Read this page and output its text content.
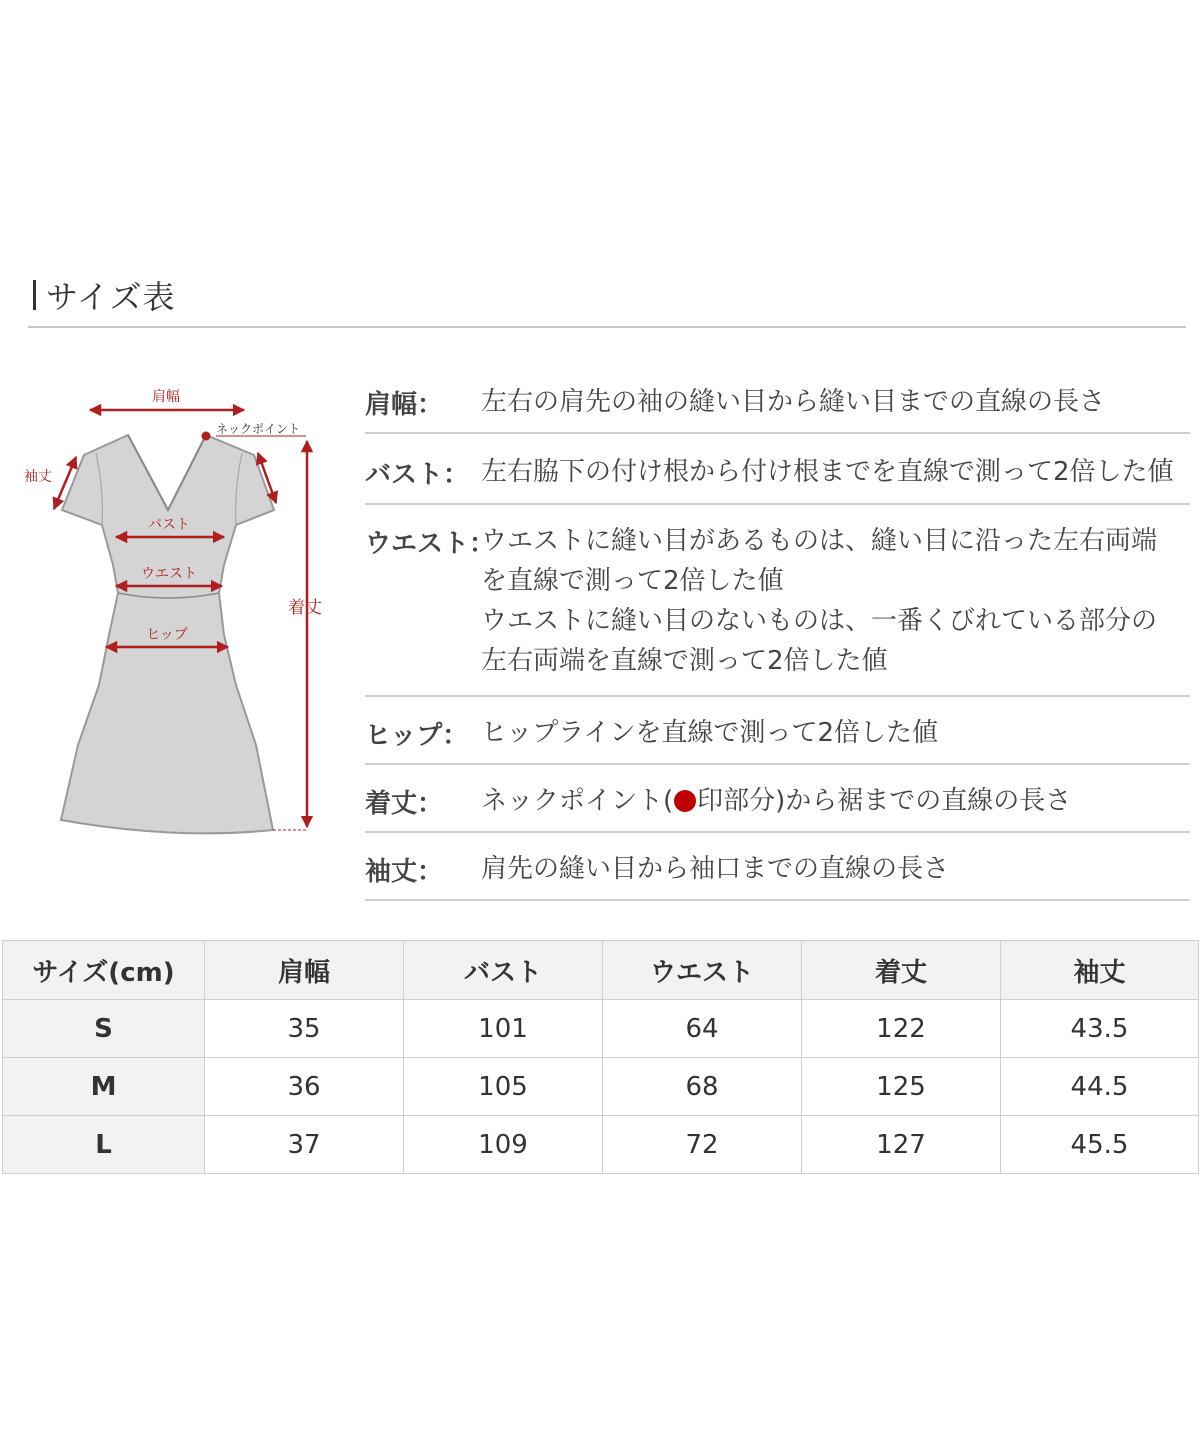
サイズ表
肩幅
ネックポイント
袖丈
バスト
ウエスト
ヒップ
着丈
肩幅： 左右の肩先の袖の縫い目から縫い目までの直線の長さ
バスト： 左右脇下の付け根から付け根までを直線で測って2倍した値
ウエスト：
ウエストに縫い目があるものは、縫い目に沿った左右両端
を直線で測って2倍した値
ウエストに縫い目のないものは、一番くびれている部分の
左右両端を直線で測って2倍した値
ヒップ： ヒップラインを直線で測って2倍した値
着丈： ネックポイント( 印部分)から裾までの直線の長さ
袖丈： 肩先の縫い目から袖口までの直線の長さ
サイズ(cm)	肩幅	バスト	ウエスト	着丈	袖丈
S	35	101	64	122	43.5
M	36	105	68	125	44.5
L	37	109	72	127	45.5
